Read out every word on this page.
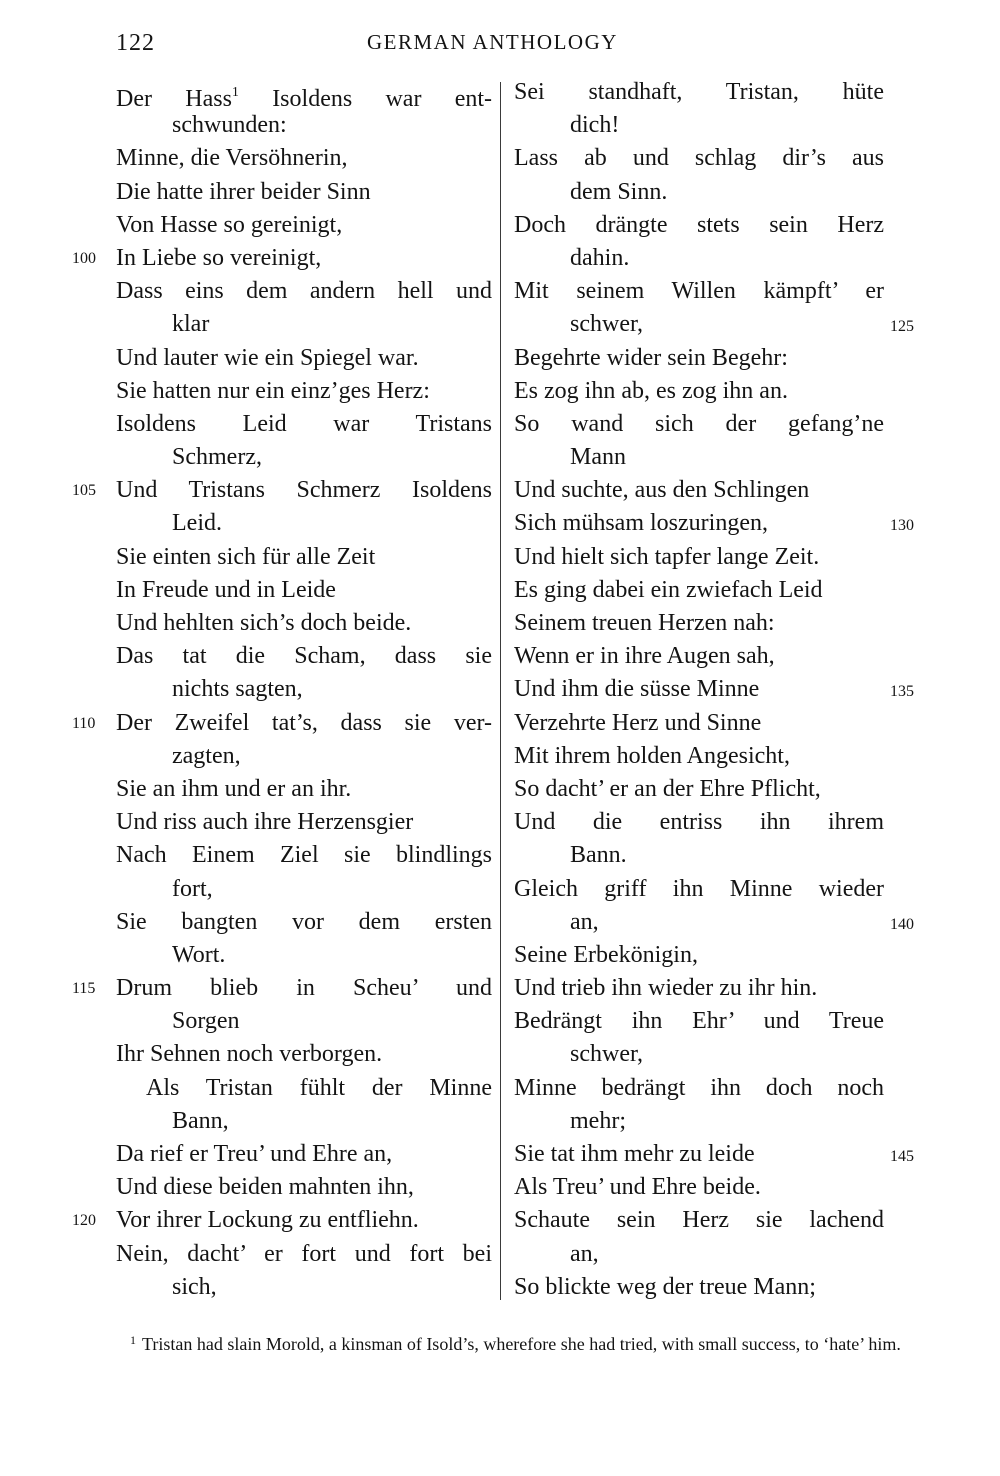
122	GERMAN ANTHOLOGY
Der Hass$^1$ Isoldens war ent-
schwunden:
Minne, die Versöhnerin,
Die hatte ihrer beider Sinn
Von Hasse so gereinigt,
In Liebe so vereinigt,
100
Dass eins dem andern hell und
klar
Und lauter wie ein Spiegel war.
Sie hatten nur ein einz’ges Herz:
Isoldens Leid war Tristans
Schmerz,
Und Tristans Schmerz Isoldens
105
Leid.
Sie einten sich für alle Zeit
In Freude und in Leide
Und hehlten sich’s doch beide.
Das tat die Scham, dass sie
nichts sagten,
Der Zweifel tat’s, dass sie ver-
110
zagten,
Sie an ihm und er an ihr.
Und riss auch ihre Herzensgier
Nach Einem Ziel sie blindlings
fort,
Sie bangten vor dem ersten
Wort.
Drum blieb in Scheu’ und
115
Sorgen
Ihr Sehnen noch verborgen.
Als Tristan fühlt der Minne
Bann,
Da rief er Treu’ und Ehre an,
Und diese beiden mahnten ihn,
Vor ihrer Lockung zu entfliehn.
120
Nein, dacht’ er fort und fort bei
sich,
Sei standhaft, Tristan, hüte
dich!
Lass ab und schlag dir’s aus
dem Sinn.
Doch drängte stets sein Herz
dahin.
Mit seinem Willen kämpft’ er
schwer,	125
Begehrte wider sein Begehr:
Es zog ihn ab, es zog ihn an.
So wand sich der gefang’ne
Mann
Und suchte, aus den Schlingen
Sich mühsam loszuringen,	130
Und hielt sich tapfer lange Zeit.
Es ging dabei ein zwiefach Leid
Seinem treuen Herzen nah:
Wenn er in ihre Augen sah,
Und ihm die süsse Minne	135
Verzehrte Herz und Sinne
Mit ihrem holden Angesicht,
So dacht’ er an der Ehre Pflicht,
Und die entriss ihn ihrem
Bann.
Gleich griff ihn Minne wieder
an,	140
Seine Erbekönigin,
Und trieb ihn wieder zu ihr hin.
Bedrängt ihn Ehr’ und Treue
schwer,
Minne bedrängt ihn doch noch
mehr;
Sie tat ihm mehr zu leide	145
Als Treu’ und Ehre beide.
Schaute sein Herz sie lachend
an,
So blickte weg der treue Mann;
$^1$ Tristan had slain Morold, a kinsman of Isold’s, wherefore she had tried, with small success, to ‘hate’ him.
